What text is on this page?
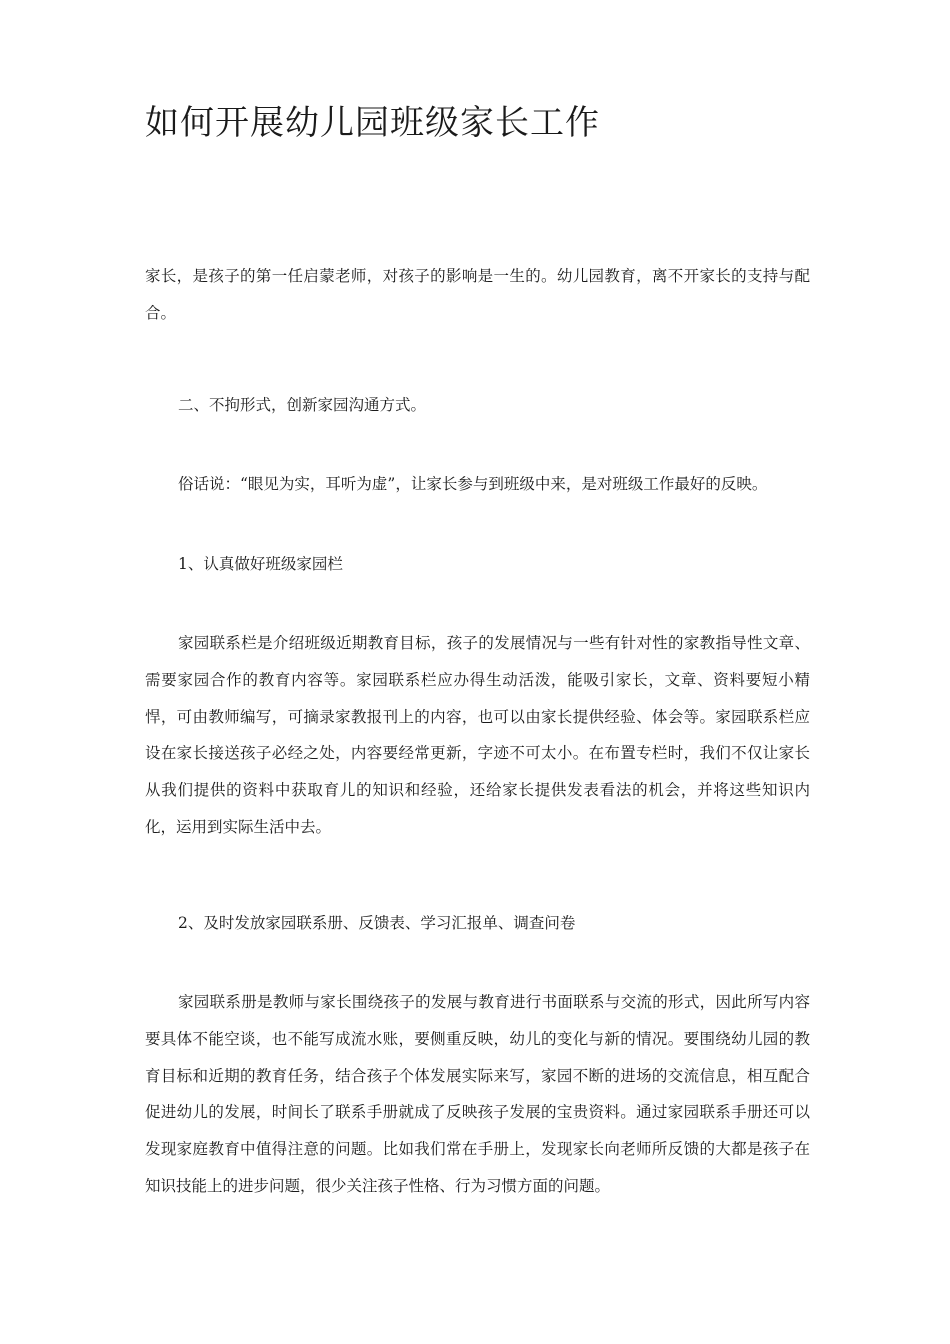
如何开展幼儿园班级家长工作

家长，是孩子的第一任启蒙老师，对孩子的影响是一生的。幼儿园教育，离不开家长的支持与配合。

二、不拘形式，创新家园沟通方式。

俗话说：“眼见为实，耳听为虚”，让家长参与到班级中来，是对班级工作最好的反映。

1、认真做好班级家园栏

家园联系栏是介绍班级近期教育目标，孩子的发展情况与一些有针对性的家教指导性文章、需要家园合作的教育内容等。家园联系栏应办得生动活泼，能吸引家长，文章、资料要短小精悍，可由教师编写，可摘录家教报刊上的内容，也可以由家长提供经验、体会等。家园联系栏应设在家长接送孩子必经之处，内容要经常更新，字迹不可太小。在布置专栏时，我们不仅让家长从我们提供的资料中获取育儿的知识和经验，还给家长提供发表看法的机会，并将这些知识内化，运用到实际生活中去。

2、及时发放家园联系册、反馈表、学习汇报单、调查问卷

家园联系册是教师与家长围绕孩子的发展与教育进行书面联系与交流的形式，因此所写内容要具体不能空谈，也不能写成流水账，要侧重反映，幼儿的变化与新的情况。要围绕幼儿园的教育目标和近期的教育任务，结合孩子个体发展实际来写，家园不断的进场的交流信息，相互配合促进幼儿的发展，时间长了联系手册就成了反映孩子发展的宝贵资料。通过家园联系手册还可以发现家庭教育中值得注意的问题。比如我们常在手册上，发现家长向老师所反馈的大都是孩子在知识技能上的进步问题，很少关注孩子性格、行为习惯方面的问题。
